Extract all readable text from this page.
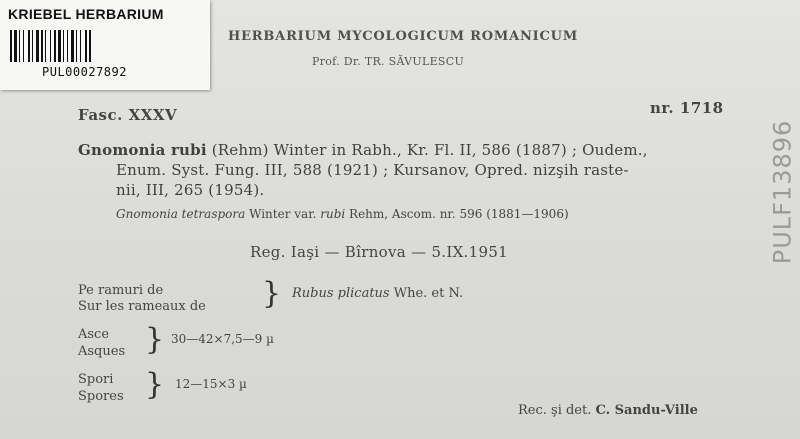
KRIEBEL HERBARIUM
PUL00027892
HERBARIUM MYCOLOGICUM ROMANICUM
Prof. Dr. TR. SĂVULESCU
Fasc. XXXV	nr. 1718
Gnomonia rubi (Rehm) Winter in Rabh., Kr. Fl. II, 586 (1887) ; Oudem.,
Enum. Syst. Fung. III, 588 (1921) ; Kursanov, Opred. nizşih raste-
nii, III, 265 (1954).
Gnomonia tetraspora Winter var. rubi Rehm, Ascom. nr. 596 (1881—1906)
Reg. Iaşi — Bîrnova — 5.IX.1951
Pe ramuri de
Sur les rameaux de } Rubus plicatus Whe. et N.
Asce
Asques } 30—42×7,5—9 µ
Spori
Spores } 12—15×3 µ
Rec. şi det. C. Sandu-Ville
PULF13896
